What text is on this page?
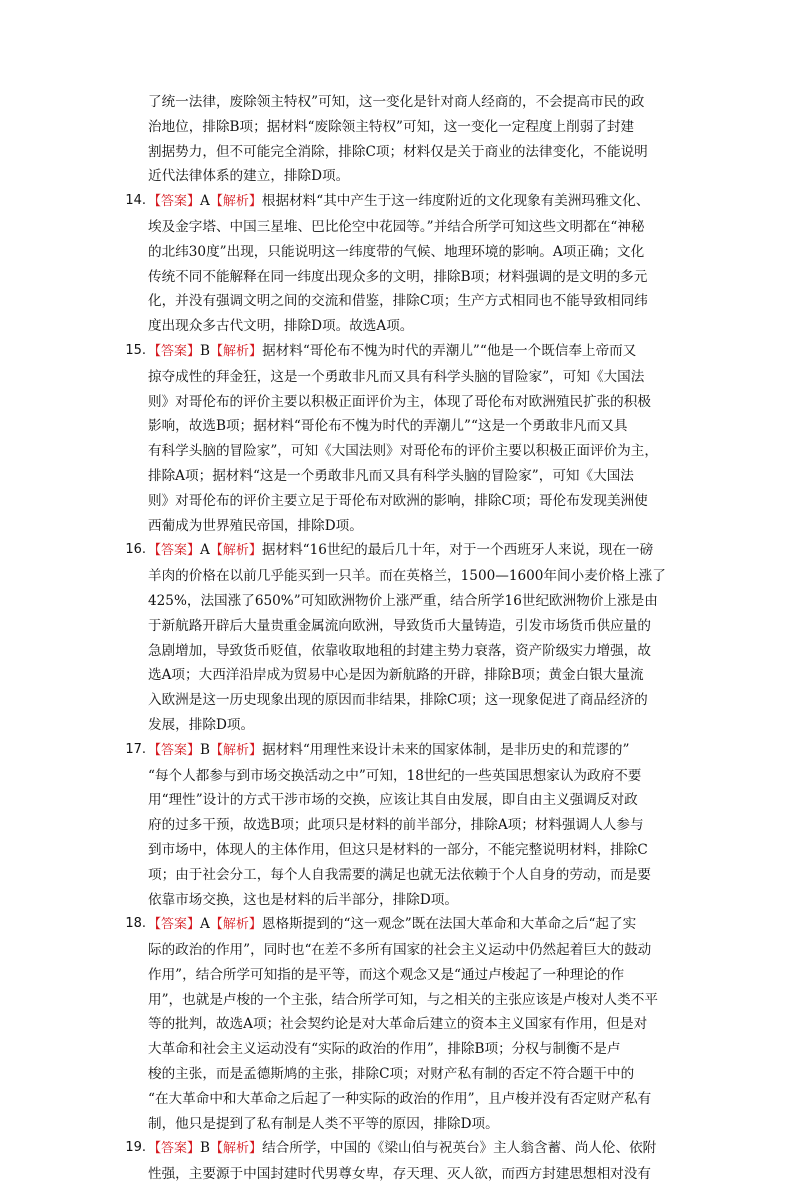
了统一法律，废除领主特权”可知，这一变化是针对商人经商的，不会提高市民的政
治地位，排除B项；据材料“废除领主特权”可知，这一变化一定程度上削弱了封建
割据势力，但不可能完全消除，排除C项；材料仅是关于商业的法律变化，不能说明
近代法律体系的建立，排除D项。
14. 【答案】A【解析】根据材料“其中产生于这一纬度附近的文化现象有美洲玛雅文化、
埃及金字塔、中国三星堆、巴比伦空中花园等。”并结合所学可知这些文明都在“神秘
的北纬30度”出现，只能说明这一纬度带的气候、地理环境的影响。A项正确；文化
传统不同不能解释在同一纬度出现众多的文明，排除B项；材料强调的是文明的多元
化，并没有强调文明之间的交流和借鉴，排除C项；生产方式相同也不能导致相同纬
度出现众多古代文明，排除D项。故选A项。
15. 【答案】B【解析】据材料“哥伦布不愧为时代的弄潮儿”“他是一个既信奉上帝而又
掠夺成性的拜金狂，这是一个勇敢非凡而又具有科学头脑的冒险家”，可知《大国法
则》对哥伦布的评价主要以积极正面评价为主，体现了哥伦布对欧洲殖民扩张的积极
影响，故选B项；据材料“哥伦布不愧为时代的弄潮儿”“这是一个勇敢非凡而又具
有科学头脑的冒险家”，可知《大国法则》对哥伦布的评价主要以积极正面评价为主，
排除A项；据材料“这是一个勇敢非凡而又具有科学头脑的冒险家”，可知《大国法
则》对哥伦布的评价主要立足于哥伦布对欧洲的影响，排除C项；哥伦布发现美洲使
西葡成为世界殖民帝国，排除D项。
16. 【答案】A【解析】据材料“16世纪的最后几十年，对于一个西班牙人来说，现在一磅
羊肉的价格在以前几乎能买到一只羊。而在英格兰，1500—1600年间小麦价格上涨了
425%，法国涨了650%”可知欧洲物价上涨严重，结合所学16世纪欧洲物价上涨是由
于新航路开辟后大量贵重金属流向欧洲，导致货币大量铸造，引发市场货币供应量的
急剧增加，导致货币贬值，依靠收取地租的封建主势力衰落，资产阶级实力增强，故
选A项；大西洋沿岸成为贸易中心是因为新航路的开辟，排除B项；黄金白银大量流
入欧洲是这一历史现象出现的原因而非结果，排除C项；这一现象促进了商品经济的
发展，排除D项。
17. 【答案】B【解析】据材料“用理性来设计未来的国家体制，是非历史的和荒谬的”
“每个人都参与到市场交换活动之中”可知，18世纪的一些英国思想家认为政府不要
用“理性”设计的方式干涉市场的交换，应该让其自由发展，即自由主义强调反对政
府的过多干预，故选B项；此项只是材料的前半部分，排除A项；材料强调人人参与
到市场中，体现人的主体作用，但这只是材料的一部分，不能完整说明材料，排除C
项；由于社会分工，每个人自我需要的满足也就无法依赖于个人自身的劳动，而是要
依靠市场交换，这也是材料的后半部分，排除D项。
18. 【答案】A【解析】恩格斯提到的“这一观念”既在法国大革命和大革命之后“起了实
际的政治的作用”，同时也“在差不多所有国家的社会主义运动中仍然起着巨大的鼓动
作用”，结合所学可知指的是平等，而这个观念又是“通过卢梭起了一种理论的作
用”，也就是卢梭的一个主张，结合所学可知，与之相关的主张应该是卢梭对人类不平
等的批判，故选A项；社会契约论是对大革命后建立的资本主义国家有作用，但是对
大革命和社会主义运动没有“实际的政治的作用”，排除B项；分权与制衡不是卢
梭的主张，而是孟德斯鸠的主张，排除C项；对财产私有制的否定不符合题干中的
“在大革命中和大革命之后起了一种实际的政治的作用”，且卢梭并没有否定财产私有
制，他只是提到了私有制是人类不平等的原因，排除D项。
19. 【答案】B【解析】结合所学，中国的《梁山伯与祝英台》主人翁含蓄、尚人伦、依附
性强，主要源于中国封建时代男尊女卑，存天理、灭人欲，而西方封建思想相对没有
